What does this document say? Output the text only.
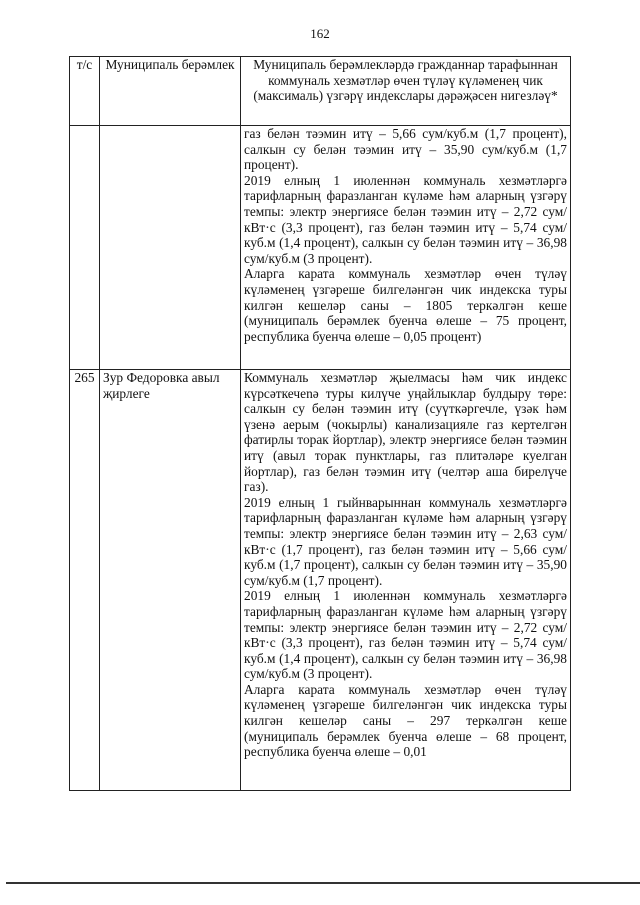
162
т/с	Муниципаль берәмлек	Муниципаль берәмлекләрдә гражданнар тарафыннан коммуналь хезмәтләр өчен түләү күләменең чик (максималь) үзгәрү индекслары дәрәҗәсен нигезләү*

		газ белән тәэмин итү – 5,66 сум/куб.м (1,7 процент), салкын су белән тәэмин итү – 35,90 сум/куб.м (1,7 процент).

2019 елның 1 июленнән коммуналь хезмәтләргә тарифларның фаразланган күләме һәм аларның үзгәрү темпы: электр энергиясе белән тәэмин итү – 2,72 сум/кВт·с (3,3 процент), газ белән тәэмин итү – 5,74 сум/куб.м (1,4 процент), салкын су белән тәэмин итү – 36,98 сум/куб.м (3 процент).

Аларга карата коммуналь хезмәтләр өчен түләү күләменең үзгәреше билгеләнгән чик индекска туры килгән кешеләр саны – 1805 теркәлгән кеше (муниципаль берәмлек буенча өлеше – 75 процент, республика буенча өлеше – 0,05 процент)

265	Зур Федоровка авыл җирлеге	Коммуналь хезмәтләр җыелмасы һәм чик индекс күрсәткечenә туры килүче уңайлыклар булдыру төре: салкын су белән тәэмин итү (суүткәргечле, үзәк һәм үзенә аерым (чокырлы) канализацияле газ кертелгән фатирлы торак йортлар), электр энергиясе белән тәэмин итү (авыл торак пунктлары, газ плитәләре куелган йортлар), газ белән тәэмин итү (челтәр аша бирелүче газ).

2019 елның 1 гыйнварыннан коммуналь хезмәтләргә тарифларның фаразланган күләме һәм аларның үзгәрү темпы: электр энергиясе белән тәэмин итү – 2,63 сум/кВт·с (1,7 процент), газ белән тәэмин итү – 5,66 сум/куб.м (1,7 процент), салкын су белән тәэмин итү – 35,90 сум/куб.м (1,7 процент).

2019 елның 1 июленнән коммуналь хезмәтләргә тарифларның фаразланган күләме һәм аларның үзгәрү темпы: электр энергиясе белән тәэмин итү – 2,72 сум/кВт·с (3,3 процент), газ белән тәэмин итү – 5,74 сум/куб.м (1,4 процент), салкын су белән тәэмин итү – 36,98 сум/куб.м (3 процент).

Аларга карата коммуналь хезмәтләр өчен түләү күләменең үзгәреше билгеләнгән чик индекска туры килгән кешеләр саны – 297 теркәлгән кеше (муниципаль берәмлек буенча өлеше – 68 процент, республика буенча өлеше – 0,01
